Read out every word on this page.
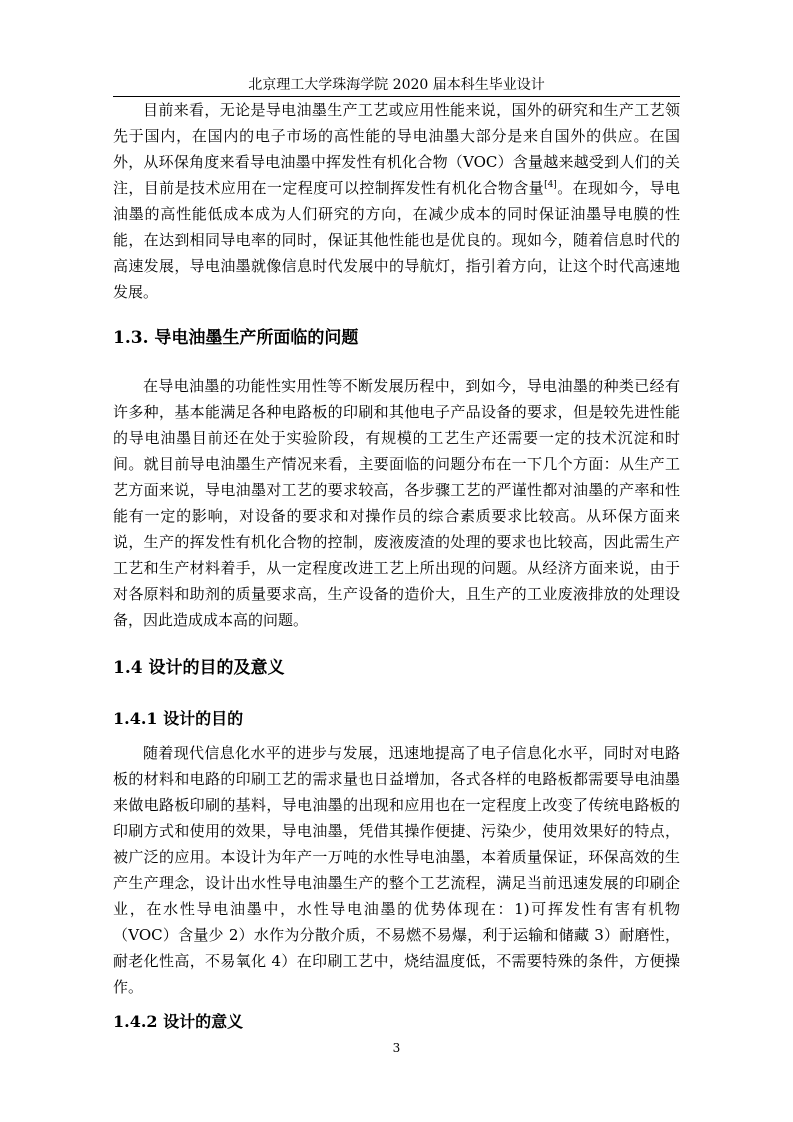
北京理工大学珠海学院 2020 届本科生毕业设计

目前来看，无论是导电油墨生产工艺或应用性能来说，国外的研究和生产工艺领先于国内，在国内的电子市场的高性能的导电油墨大部分是来自国外的供应。在国外，从环保角度来看导电油墨中挥发性有机化合物（VOC）含量越来越受到人们的关注，目前是技术应用在一定程度可以控制挥发性有机化合物含量[4]。在现如今，导电油墨的高性能低成本成为人们研究的方向，在减少成本的同时保证油墨导电膜的性能，在达到相同导电率的同时，保证其他性能也是优良的。现如今，随着信息时代的高速发展，导电油墨就像信息时代发展中的导航灯，指引着方向，让这个时代高速地发展。

1.3. 导电油墨生产所面临的问题

在导电油墨的功能性实用性等不断发展历程中，到如今，导电油墨的种类已经有许多种，基本能满足各种电路板的印刷和其他电子产品设备的要求，但是较先进性能的导电油墨目前还在处于实验阶段，有规模的工艺生产还需要一定的技术沉淀和时间。就目前导电油墨生产情况来看，主要面临的问题分布在一下几个方面：从生产工艺方面来说，导电油墨对工艺的要求较高，各步骤工艺的严谨性都对油墨的产率和性能有一定的影响，对设备的要求和对操作员的综合素质要求比较高。从环保方面来说，生产的挥发性有机化合物的控制，废液废渣的处理的要求也比较高，因此需生产工艺和生产材料着手，从一定程度改进工艺上所出现的问题。从经济方面来说，由于对各原料和助剂的质量要求高，生产设备的造价大，且生产的工业废液排放的处理设备，因此造成成本高的问题。

1.4 设计的目的及意义
1.4.1 设计的目的

随着现代信息化水平的进步与发展，迅速地提高了电子信息化水平，同时对电路板的材料和电路的印刷工艺的需求量也日益增加，各式各样的电路板都需要导电油墨来做电路板印刷的基料，导电油墨的出现和应用也在一定程度上改变了传统电路板的印刷方式和使用的效果，导电油墨，凭借其操作便捷、污染少，使用效果好的特点，被广泛的应用。本设计为年产一万吨的水性导电油墨，本着质量保证，环保高效的生产生产理念，设计出水性导电油墨生产的整个工艺流程，满足当前迅速发展的印刷企业，在水性导电油墨中，水性导电油墨的优势体现在：1)可挥发性有害有机物（VOC）含量少 2）水作为分散介质，不易燃不易爆，利于运输和储藏 3）耐磨性，耐老化性高，不易氧化 4）在印刷工艺中，烧结温度低，不需要特殊的条件，方便操作。

1.4.2 设计的意义
3
